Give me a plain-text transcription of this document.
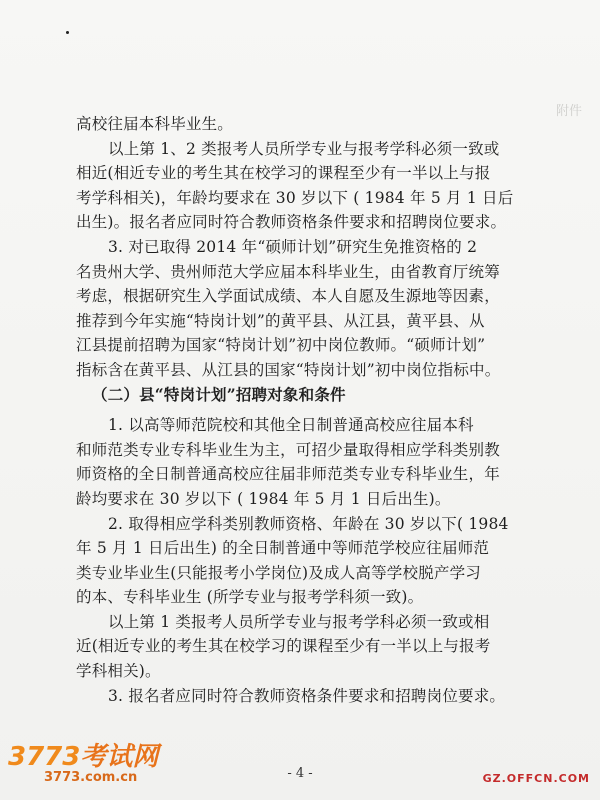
附件
高校往届本科毕业生。
以上第 1、2 类报考人员所学专业与报考学科必须一致或
相近(相近专业的考生其在校学习的课程至少有一半以上与报
考学科相关)，年龄均要求在 30 岁以下 ( 1984 年 5 月 1 日后
出生)。报名者应同时符合教师资格条件要求和招聘岗位要求。
3. 对已取得 2014 年“硕师计划”研究生免推资格的 2
名贵州大学、贵州师范大学应届本科毕业生，由省教育厅统筹
考虑，根据研究生入学面试成绩、本人自愿及生源地等因素，
推荐到今年实施“特岗计划”的黄平县、从江县，黄平县、从
江县提前招聘为国家“特岗计划”初中岗位教师。“硕师计划”
指标含在黄平县、从江县的国家“特岗计划”初中岗位指标中。
（二）县“特岗计划”招聘对象和条件
1. 以高等师范院校和其他全日制普通高校应往届本科
和师范类专业专科毕业生为主，可招少量取得相应学科类别教
师资格的全日制普通高校应往届非师范类专业专科毕业生，年
龄均要求在 30 岁以下 ( 1984 年 5 月 1 日后出生)。
2. 取得相应学科类别教师资格、年龄在 30 岁以下( 1984
年 5 月 1 日后出生) 的全日制普通中等师范学校应往届师范
类专业毕业生(只能报考小学岗位)及成人高等学校脱产学习
的本、专科毕业生 (所学专业与报考学科须一致)。
以上第 1 类报考人员所学专业与报考学科必须一致或相
近(相近专业的考生其在校学习的课程至少有一半以上与报考
学科相关)。
3. 报名者应同时符合教师资格条件要求和招聘岗位要求。
- 4 -
3773考试网
3773.com.cn	GZ.OFFCN.COM
